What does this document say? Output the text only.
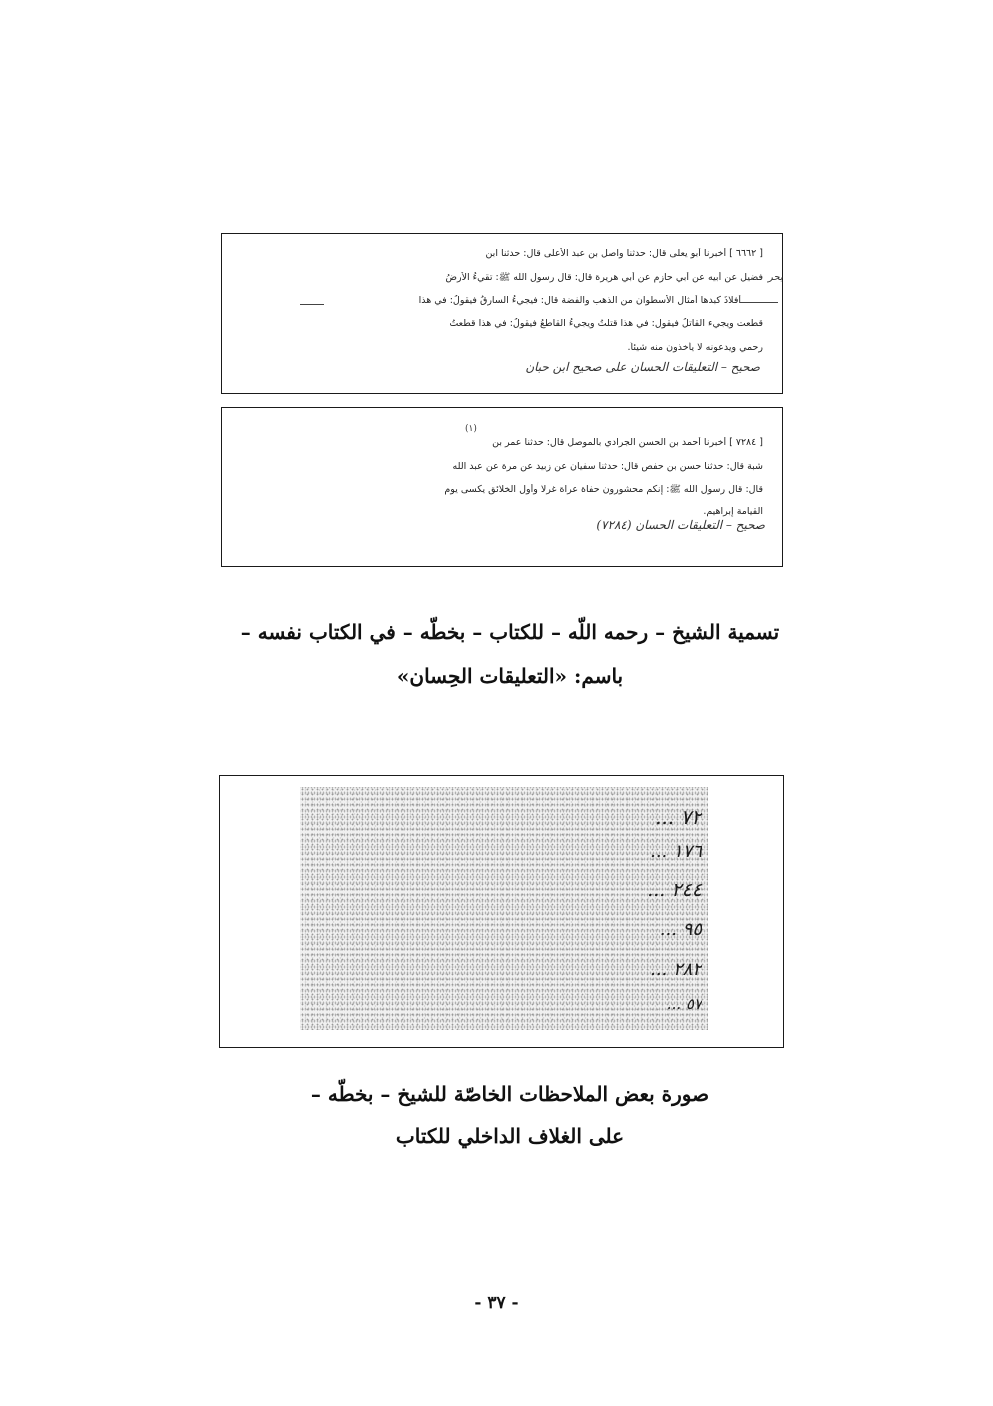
[ ٦٦٦٢ ] أخبرنا أبو يعلى قال: حدثنا واصل بن عبد الأعلى قال: حدثنا ابن
فضيل عن أبيه عن أبي حازم عن أبي هريرة قال: قال رسول الله ﷺ: تقيءُ الأرضُ
أفلاذَ كبدها أمثال الأسطوان من الذهب والفضة قال: فيجيءُ السارقُ فيقولُ: في هذا
قطعت ويجيء القاتلُ فيقول: في هذا قتلتُ ويجيءُ القاطعُ فيقولُ: في هذا قطعتُ
رحمي ويدعونه لا يأخذون منه شيئاً.
صحيح – التعليقات الحسان على صحيح ابن حبان
بحر
(١)
[ ٧٢٨٤ ] أخبرنا أحمد بن الحسن الجرادي بالموصل قال: حدثنا عمر بن
شبة قال: حدثنا حسن بن حفص قال: حدثنا سفيان عن زبيد عن مرة عن عبد الله
قال: قال رسول الله ﷺ: إنكم محشورون حفاة عراة غرلا وأول الخلائق يكسى يوم
القيامة إبراهيم.
صحيح – التعليقات الحسان (٧٢٨٤)
تسمية الشيخ – رحمه اللّه – للكتاب – بخطّه – في الكتاب نفسه –
باسم: «التعليقات الحِسان»
٧٢ ...
١٧٦ ...
٢٤٤ ...
٩٥ ...
٢٨٢ ...
٥٧ ...
صورة بعض الملاحظات الخاصّة للشيخ – بخطّه –
على الغلاف الداخلي للكتاب
- ٣٧ -
